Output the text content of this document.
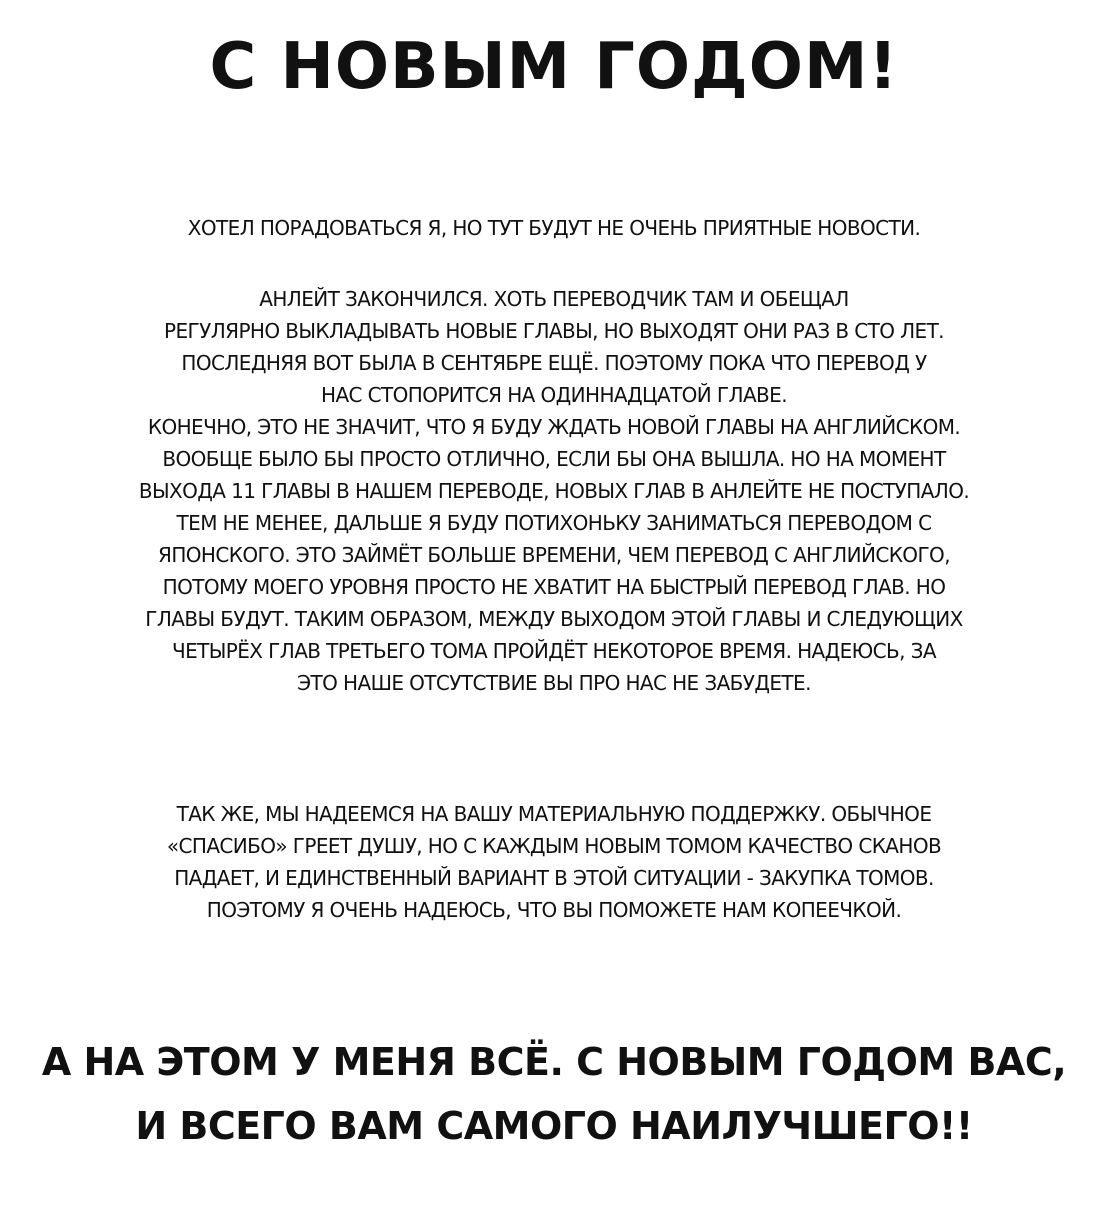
С НОВЫМ ГОДОМ!
ХОТЕЛ ПОРАДОВАТЬСЯ Я, НО ТУТ БУДУТ НЕ ОЧЕНЬ ПРИЯТНЫЕ НОВОСТИ.
АНЛЕЙТ ЗАКОНЧИЛСЯ. ХОТЬ ПЕРЕВОДЧИК ТАМ И ОБЕЩАЛ
РЕГУЛЯРНО ВЫКЛАДЫВАТЬ НОВЫЕ ГЛАВЫ, НО ВЫХОДЯТ ОНИ РАЗ В СТО ЛЕТ.
ПОСЛЕДНЯЯ ВОТ БЫЛА В СЕНТЯБРЕ ЕЩЁ. ПОЭТОМУ ПОКА ЧТО ПЕРЕВОД У
НАС СТОПОРИТСЯ НА ОДИННАДЦАТОЙ ГЛАВЕ.
КОНЕЧНО, ЭТО НЕ ЗНАЧИТ, ЧТО Я БУДУ ЖДАТЬ НОВОЙ ГЛАВЫ НА АНГЛИЙСКОМ.
ВООБЩЕ БЫЛО БЫ ПРОСТО ОТЛИЧНО, ЕСЛИ БЫ ОНА ВЫШЛА. НО НА МОМЕНТ
ВЫХОДА 11 ГЛАВЫ В НАШЕМ ПЕРЕВОДЕ, НОВЫХ ГЛАВ В АНЛЕЙТЕ НЕ ПОСТУПАЛО.
ТЕМ НЕ МЕНЕЕ, ДАЛЬШЕ Я БУДУ ПОТИХОНЬКУ ЗАНИМАТЬСЯ ПЕРЕВОДОМ С
ЯПОНСКОГО. ЭТО ЗАЙМЁТ БОЛЬШЕ ВРЕМЕНИ, ЧЕМ ПЕРЕВОД С АНГЛИЙСКОГО,
ПОТОМУ МОЕГО УРОВНЯ ПРОСТО НЕ ХВАТИТ НА БЫСТРЫЙ ПЕРЕВОД ГЛАВ. НО
ГЛАВЫ БУДУТ. ТАКИМ ОБРАЗОМ, МЕЖДУ ВЫХОДОМ ЭТОЙ ГЛАВЫ И СЛЕДУЮЩИХ
ЧЕТЫРЁХ ГЛАВ ТРЕТЬЕГО ТОМА ПРОЙДЁТ НЕКОТОРОЕ ВРЕМЯ. НАДЕЮСЬ, ЗА
ЭТО НАШЕ ОТСУТСТВИЕ ВЫ ПРО НАС НЕ ЗАБУДЕТЕ.
ТАК ЖЕ, МЫ НАДЕЕМСЯ НА ВАШУ МАТЕРИАЛЬНУЮ ПОДДЕРЖКУ. ОБЫЧНОЕ
«СПАСИБО» ГРЕЕТ ДУШУ, НО С КАЖДЫМ НОВЫМ ТОМОМ КАЧЕСТВО СКАНОВ
ПАДАЕТ, И ЕДИНСТВЕННЫЙ ВАРИАНТ В ЭТОЙ СИТУАЦИИ - ЗАКУПКА ТОМОВ.
ПОЭТОМУ Я ОЧЕНЬ НАДЕЮСЬ, ЧТО ВЫ ПОМОЖЕТЕ НАМ КОПЕЕЧКОЙ.
А НА ЭТОМ У МЕНЯ ВСЁ. С НОВЫМ ГОДОМ ВАС,
И ВСЕГО ВАМ САМОГО НАИЛУЧШЕГО!!
